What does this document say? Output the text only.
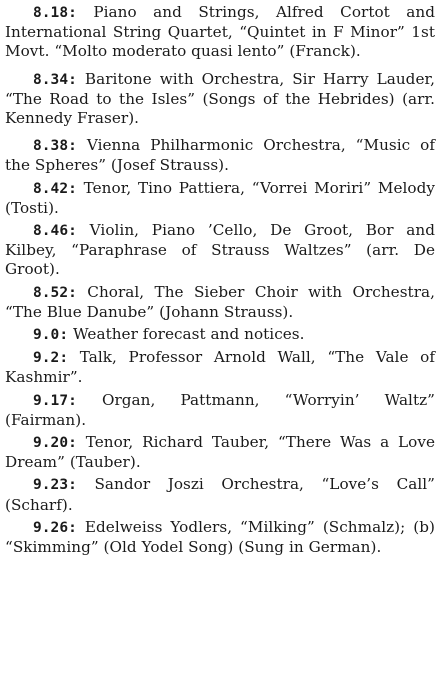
8.18: Piano and Strings, Alfred Cortot and International String Quartet, “Quintet in F Minor” 1st Movt. “Molto moderato quasi lento” (Franck).

8.34: Baritone with Orchestra, Sir Harry Lauder, “The Road to the Isles” (Songs of the Hebrides) (arr. Kennedy Fraser).

8.38: Vienna Philharmonic Orchestra, “Music of the Spheres” (Josef Strauss).

8.42: Tenor, Tino Pattiera, “Vorrei Moriri” Melody (Tosti).

8.46: Violin, Piano ’Cello, De Groot, Bor and Kilbey, “Paraphrase of Strauss Waltzes” (arr. De Groot).

8.52: Choral, The Sieber Choir with Orchestra, “The Blue Danube” (Johann Strauss).

9.0: Weather forecast and notices.

9.2: Talk, Professor Arnold Wall, “The Vale of Kashmir”.

9.17: Organ, Pattmann, “Worryin’ Waltz” (Fairman).

9.20: Tenor, Richard Tauber, “There Was a Love Dream” (Tauber).

9.23: Sandor Joszi Orchestra, “Love’s Call” (Scharf).

9.26: Edelweiss Yodlers, “Milking” (Schmalz); (b) “Skimming” (Old Yodel Song) (Sung in German).
